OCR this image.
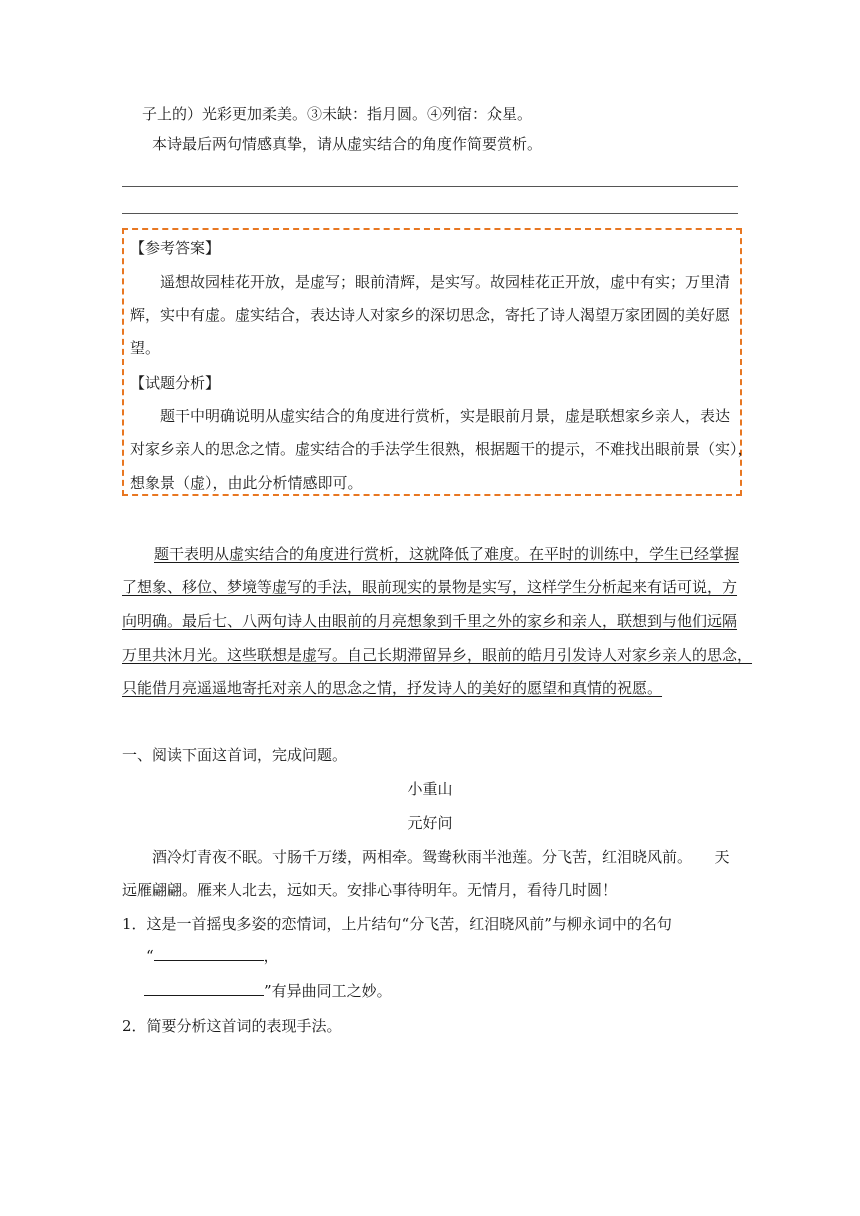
子上的）光彩更加柔美。③未缺：指月圆。④列宿：众星。
本诗最后两句情感真挚，请从虚实结合的角度作简要赏析。
【参考答案】
遥想故园桂花开放，是虚写；眼前清辉，是实写。故园桂花正开放，虚中有实；万里清
辉，实中有虚。虚实结合，表达诗人对家乡的深切思念，寄托了诗人渴望万家团圆的美好愿
望。
【试题分析】
题干中明确说明从虚实结合的角度进行赏析，实是眼前月景，虚是联想家乡亲人，表达
对家乡亲人的思念之情。虚实结合的手法学生很熟，根据题干的提示，不难找出眼前景（实），
想象景（虚），由此分析情感即可。
题干表明从虚实结合的角度进行赏析，这就降低了难度。在平时的训练中，学生已经掌握
了想象、移位、梦境等虚写的手法，眼前现实的景物是实写，这样学生分析起来有话可说，方
向明确。最后七、八两句诗人由眼前的月亮想象到千里之外的家乡和亲人，联想到与他们远隔
万里共沐月光。这些联想是虚写。自己长期滞留异乡，眼前的皓月引发诗人对家乡亲人的思念，
只能借月亮遥遥地寄托对亲人的思念之情，抒发诗人的美好的愿望和真情的祝愿。
一、阅读下面这首词，完成问题。
小重山
元好问
酒冷灯青夜不眠。寸肠千万缕，两相牵。鸳鸯秋雨半池莲。分飞苦，红泪晓风前。　　天
远雁翩翩。雁来人北去，远如天。安排心事待明年。无情月，看待几时圆！
1．这是一首摇曳多姿的恋情词，上片结句“分飞苦，红泪晓风前”与柳永词中的名句
“	，
”有异曲同工之妙。
2．简要分析这首词的表现手法。
